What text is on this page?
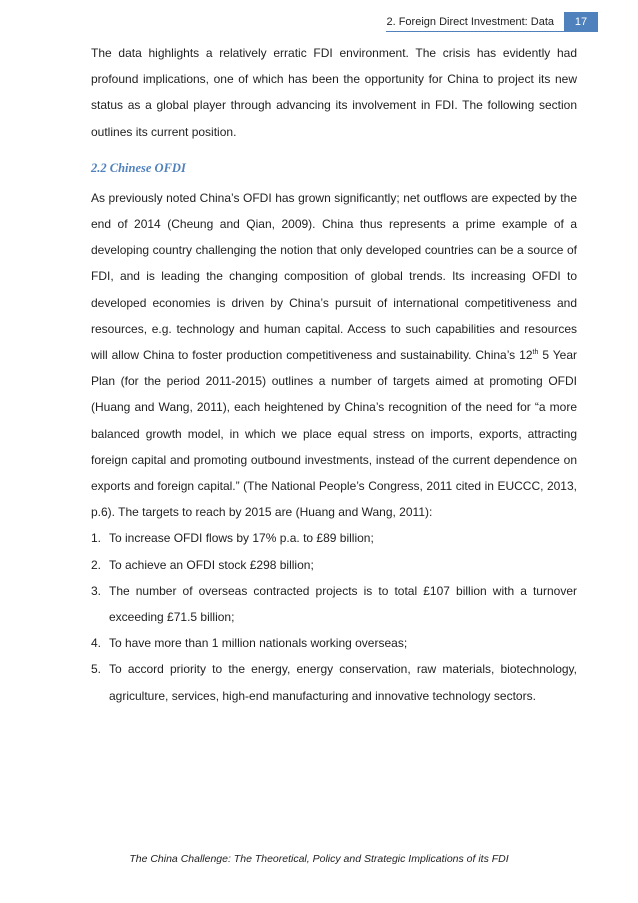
2. Foreign Direct Investment: Data	17

The data highlights a relatively erratic FDI environment. The crisis has evidently had profound implications, one of which has been the opportunity for China to project its new status as a global player through advancing its involvement in FDI. The following section outlines its current position.

2.2 Chinese OFDI

As previously noted China’s OFDI has grown significantly; net outflows are expected by the end of 2014 (Cheung and Qian, 2009). China thus represents a prime example of a developing country challenging the notion that only developed countries can be a source of FDI, and is leading the changing composition of global trends. Its increasing OFDI to developed economies is driven by China’s pursuit of international competitiveness and resources, e.g. technology and human capital. Access to such capabilities and resources will allow China to foster production competitiveness and sustainability. China’s 12th 5 Year Plan (for the period 2011-2015) outlines a number of targets aimed at promoting OFDI (Huang and Wang, 2011), each heightened by China’s recognition of the need for “a more balanced growth model, in which we place equal stress on imports, exports, attracting foreign capital and promoting outbound investments, instead of the current dependence on exports and foreign capital.” (The National People’s Congress, 2011 cited in EUCCC, 2013, p.6). The targets to reach by 2015 are (Huang and Wang, 2011):

1. To increase OFDI flows by 17% p.a. to £89 billion;
2. To achieve an OFDI stock £298 billion;
3. The number of overseas contracted projects is to total £107 billion with a turnover exceeding £71.5 billion;
4. To have more than 1 million nationals working overseas;
5. To accord priority to the energy, energy conservation, raw materials, biotechnology, agriculture, services, high-end manufacturing and innovative technology sectors.
The China Challenge: The Theoretical, Policy and Strategic Implications of its FDI
